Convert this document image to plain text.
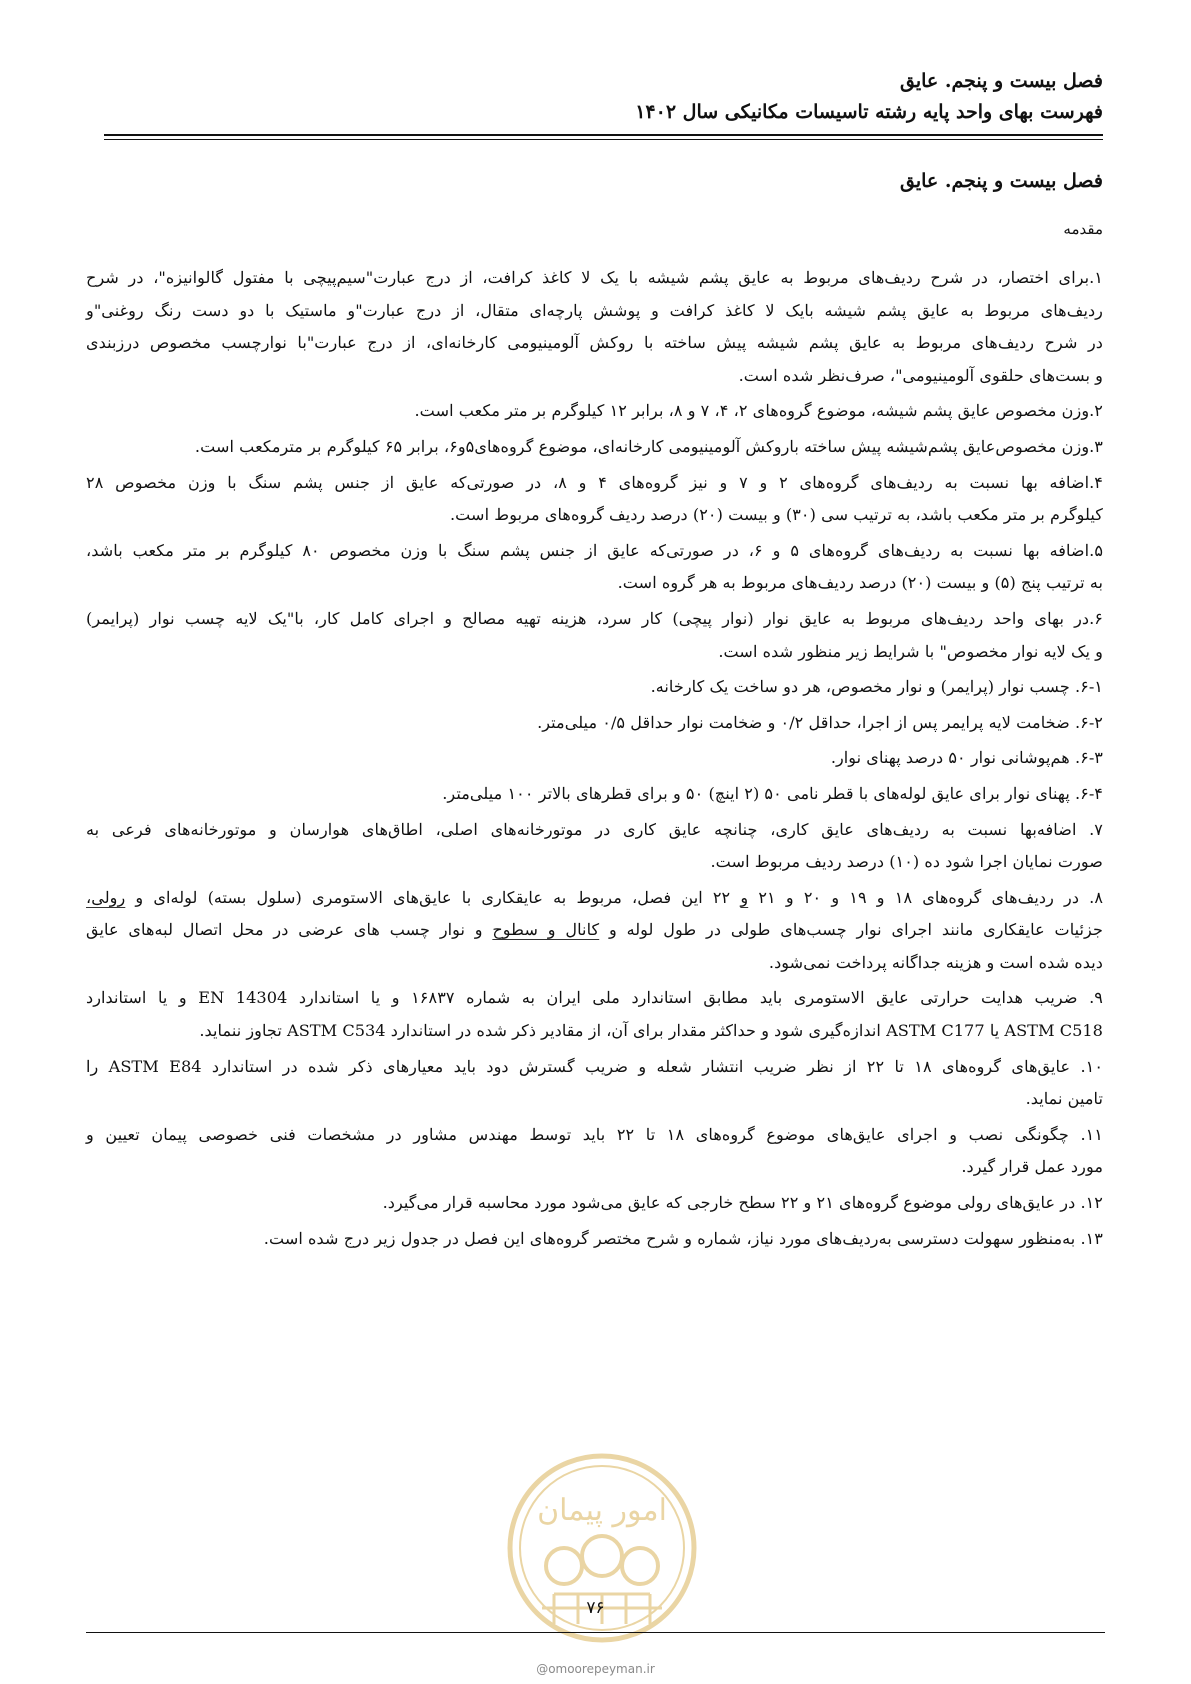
فصل بیست و پنجم. عایق
فهرست بهای واحد پایه رشته تاسیسات مکانیکی سال ۱۴۰۲
فصل بیست و پنجم. عایق
مقدمه

۱.برای اختصار، در شرح ردیف‌های مربوط به عایق پشم شیشه با یک لا کاغذ کرافت، از درج عبارت"سیم‌پیچی با مفتول گالوانیزه"، در شرح
ردیف‌های مربوط به عایق پشم شیشه بایک لا کاغذ کرافت و پوشش پارچه‌ای متقال، از درج عبارت"و ماستیک با دو دست رنگ روغنی"و
در شرح ردیف‌های مربوط به عایق پشم شیشه پیش ساخته با روکش آلومینیومی کارخانه‌ای، از درج عبارت"با نوارچسب مخصوص درزبندی
و بست‌های حلقوی آلومینیومی"، صرف‌نظر شده است.

۲.وزن مخصوص عایق پشم شیشه، موضوع گروه‌های ۲، ۴، ۷ و ۸، برابر ۱۲ کیلوگرم بر متر مکعب است.

۳.وزن مخصوص‌عایق پشم‌شیشه پیش ساخته باروکش آلومینیومی کارخانه‌ای، موضوع گروه‌های۵و۶، برابر ۶۵ کیلوگرم بر مترمکعب است.

۴.اضافه بها نسبت به ردیف‌های گروه‌های ۲ و ۷ و نیز گروه‌های ۴ و ۸، در صورتی‌که عایق از جنس پشم سنگ با وزن مخصوص ۲۸
کیلوگرم بر متر مکعب باشد، به ترتیب سی (۳۰) و بیست (۲۰) درصد ردیف گروه‌های مربوط است.

۵.اضافه بها نسبت به ردیف‌های گروه‌های ۵ و ۶، در صورتی‌که عایق از جنس پشم سنگ با وزن مخصوص ۸۰ کیلوگرم بر متر مکعب باشد،
به ترتیب پنج (۵) و بیست (۲۰) درصد ردیف‌های مربوط به هر گروه است.

۶.در بهای واحد ردیف‌های مربوط به عایق نوار (نوار پیچی) کار سرد، هزینه تهیه مصالح و اجرای کامل کار، با"یک لایه چسب نوار (پرایمر)
و یک لایه نوار مخصوص" با شرایط زیر منظور شده است.

۶-۱. چسب نوار (پرایمر) و نوار مخصوص، هر دو ساخت یک کارخانه.

۶-۲. ضخامت لایه پرایمر پس از اجرا، حداقل ۰/۲ و ضخامت نوار حداقل ۰/۵ میلی‌متر.

۶-۳. هم‌پوشانی نوار ۵۰ درصد پهنای نوار.

۶-۴. پهنای نوار برای عایق لوله‌های با قطر نامی ۵۰ (۲ اینچ) ۵۰ و برای قطرهای بالاتر ۱۰۰ میلی‌متر.

۷. اضافه‌بها نسبت به ردیف‌های عایق کاری، چنانچه عایق کاری در موتورخانه‌های اصلی، اطاق‌های هوارسان و موتورخانه‌های فرعی به
صورت نمایان اجرا شود ده (۱۰) درصد ردیف مربوط است.

۸. در ردیف‌های گروه‌های ۱۸ و ۱۹ و ۲۰ و ۲۱ و ۲۲ این فصل، مربوط به عایقکاری با عایق‌های الاستومری (سلول بسته) لوله‌ای و رولی،
جزئیات عایقکاری مانند اجرای نوار چسب‌های طولی در طول لوله و کانال و سطوح و نوار چسب های عرضی در محل اتصال لبه‌های عایق
دیده شده است و هزینه جداگانه پرداخت نمی‌شود.

۹. ضریب هدایت حرارتی عایق الاستومری باید مطابق استاندارد ملی ایران به شماره ۱۶۸۳۷ و یا استاندارد EN 14304 و یا استاندارد
ASTM C518 یا ASTM C177 اندازه‌گیری شود و حداکثر مقدار برای آن، از مقادیر ذکر شده در استاندارد ASTM C534 تجاوز ننماید.

۱۰. عایق‌های گروه‌های ۱۸ تا ۲۲ از نظر ضریب انتشار شعله و ضریب گسترش دود باید معیارهای ذکر شده در استاندارد ASTM E84 را
تامین نماید.

۱۱. چگونگی نصب و اجرای عایق‌های موضوع گروه‌های ۱۸ تا ۲۲ باید توسط مهندس مشاور در مشخصات فنی خصوصی پیمان تعیین و
مورد عمل قرار گیرد.

۱۲. در عایق‌های رولی موضوع گروه‌های ۲۱ و ۲۲ سطح خارجی که عایق می‌شود مورد محاسبه قرار می‌گیرد.

۱۳. به‌منظور سهولت دسترسی به‌ردیف‌های مورد نیاز، شماره و شرح مختصر گروه‌های این فصل در جدول زیر درج شده است.

امور پیمان
۷۶
@omoorepeyman.ir
